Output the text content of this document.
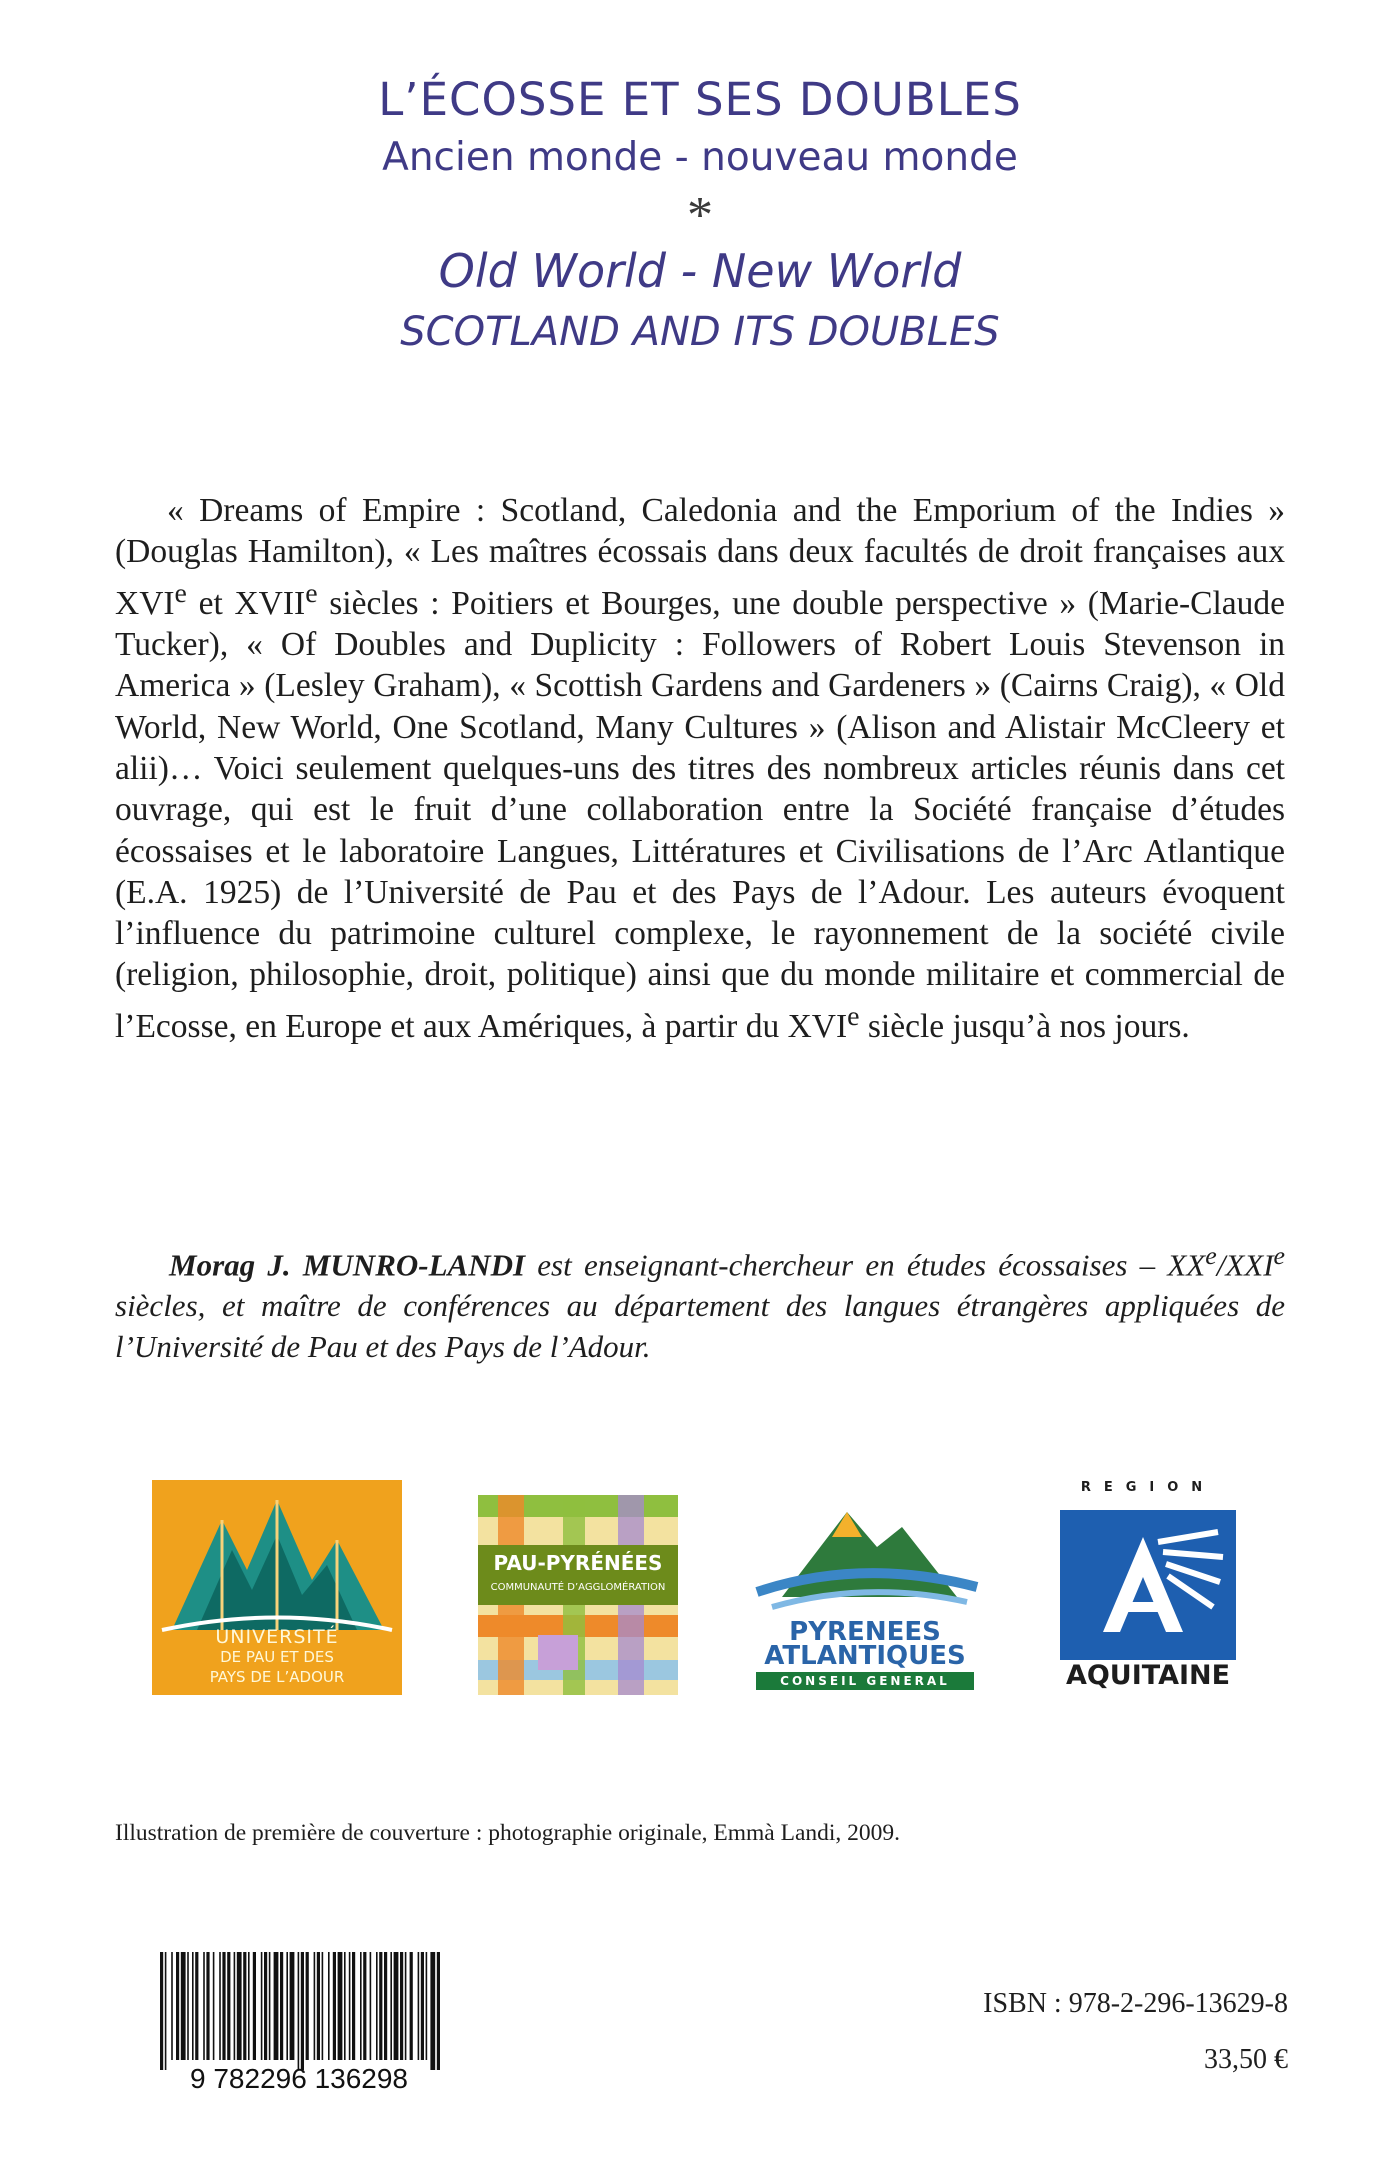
L’ÉCOSSE ET SES DOUBLES
Ancien monde - nouveau monde
*
Old World - New World
SCOTLAND AND ITS DOUBLES

« Dreams of Empire : Scotland, Caledonia and the Emporium of the Indies » (Douglas Hamilton), « Les maîtres écossais dans deux facultés de droit françaises aux XVIe et XVIIe siècles : Poitiers et Bourges, une double perspective » (Marie-Claude Tucker), « Of Doubles and Duplicity : Followers of Robert Louis Stevenson in America » (Lesley Graham), « Scottish Gardens and Gardeners » (Cairns Craig), « Old World, New World, One Scotland, Many Cultures » (Alison and Alistair McCleery et alii)… Voici seulement quelques-uns des titres des nombreux articles réunis dans cet ouvrage, qui est le fruit d’une collaboration entre la Société française d’études écossaises et le laboratoire Langues, Littératures et Civilisations de l’Arc Atlantique (E.A. 1925) de l’Université de Pau et des Pays de l’Adour. Les auteurs évoquent l’influence du patrimoine culturel complexe, le rayonnement de la société civile (religion, philosophie, droit, politique) ainsi que du monde militaire et commercial de l’Ecosse, en Europe et aux Amériques, à partir du XVIe siècle jusqu’à nos jours.

Morag J. MUNRO-LANDI est enseignant-chercheur en études écossaises – XXe/XXIe siècles, et maître de conférences au département des langues étrangères appliquées de l’Université de Pau et des Pays de l’Adour.

UNIVERSITÉ
DE PAU ET DES
PAYS DE L’ADOUR
PAU-PYRÉNÉES
COMMUNAUTÉ D’AGGLOMÉRATION
PYRENEES
ATLANTIQUES
CONSEIL GENERAL
REGION
AQUITAINE

Illustration de première de couverture : photographie originale, Emmà Landi, 2009.

9 782296 136298

ISBN : 978-2-296-13629-8

33,50 €
